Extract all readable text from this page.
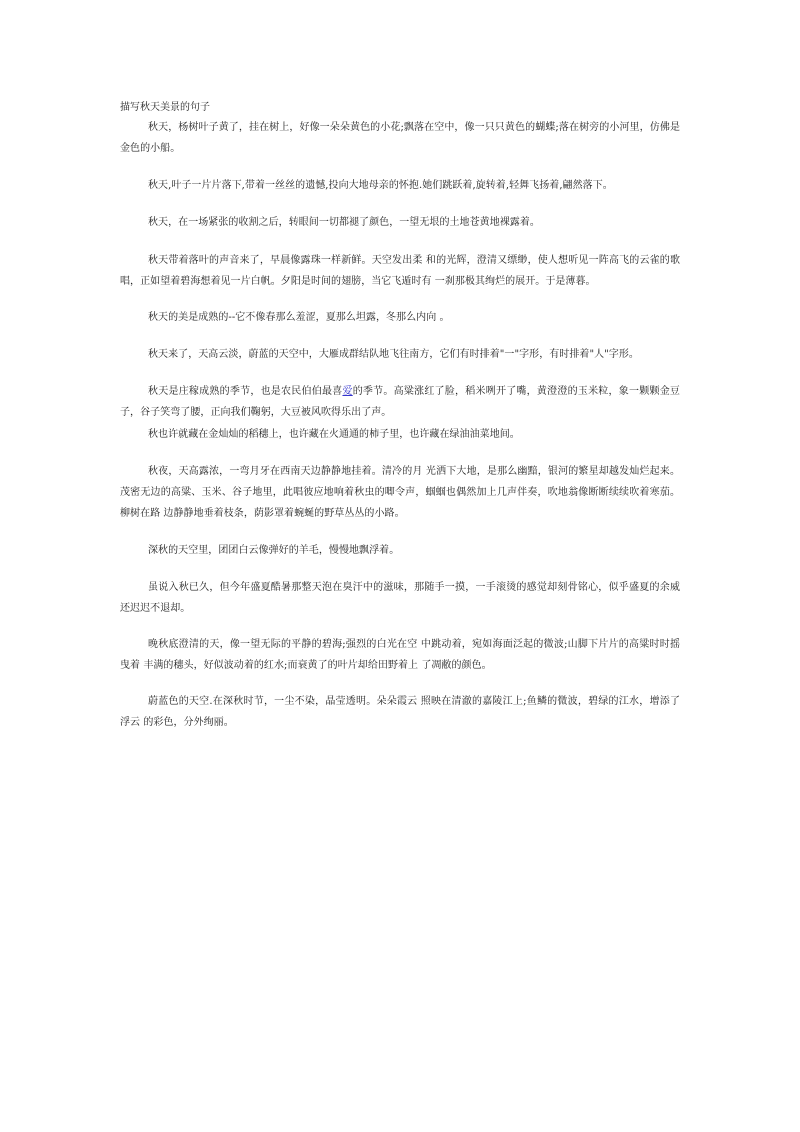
描写秋天美景的句子

秋天，杨树叶子黄了，挂在树上，好像一朵朵黄色的小花;飘落在空中，像一只只黄色的蝴蝶;落在树旁的小河里，仿佛是金色的小船。

秋天,叶子一片片落下,带着一丝丝的遗憾,投向大地母亲的怀抱.她们跳跃着,旋转着,轻舞飞扬着,翩然落下。

秋天，在一场紧张的收割之后，转眼间一切都褪了颜色，一望无垠的土地苍黄地裸露着。

秋天带着落叶的声音来了，早晨像露珠一样新鲜。天空发出柔 和的光辉，澄清又缥缈，使人想听见一阵高飞的云雀的歌唱，正如望着碧海想着见一片白帆。夕阳是时间的翅膀，当它飞遁时有 一刹那极其绚烂的展开。于是薄暮。

秋天的美是成熟的--它不像春那么羞涩，夏那么坦露，冬那么内向 。

秋天来了，天高云淡，蔚蓝的天空中，大雁成群结队地飞往南方，它们有时排着"一"字形，有时排着"人"字形。

秋天是庄稼成熟的季节，也是农民伯伯最喜爱的季节。高粱涨红了脸，稻米咧开了嘴，黄澄澄的玉米粒，象一颗颗金豆子，谷子笑弯了腰，正向我们鞠躬，大豆被风吹得乐出了声。

秋也许就藏在金灿灿的稻穗上，也许藏在火通通的柿子里，也许藏在绿油油菜地间。

秋夜，天高露浓，一弯月牙在西南天边静静地挂着。清冷的月 光洒下大地，是那么幽黯，银河的繁星却越发灿烂起来。茂密无边的高粱、玉米、谷子地里，此唱彼应地响着秋虫的唧令声，蝈蝈也偶然加上几声伴奏，吹地翁像断断续续吹着寒茄。柳树在路 边静静地垂着枝条，荫影罩着蜿蜒的野草丛丛的小路。

深秋的天空里，团团白云像弹好的羊毛，慢慢地飘浮着。

虽说入秋已久，但今年盛夏酷暑那整天泡在臭汗中的滋味，那随手一摸，一手滚烫的感觉却刻骨铭心，似乎盛夏的余威还迟迟不退却。

晚秋底澄清的天，像一望无际的平静的碧海;强烈的白光在空 中跳动着，宛如海面泛起的微波;山脚下片片的高粱时时摇曳着 丰满的穗头，好似波动着的红水;而衰黄了的叶片却给田野着上 了凋敝的颜色。

蔚蓝色的天空.在深秋时节，一尘不染，晶莹透明。朵朵霞云 照映在清澈的嘉陵江上;鱼鳞的微波，碧绿的江水，增添了浮云 的彩色，分外绚丽。
